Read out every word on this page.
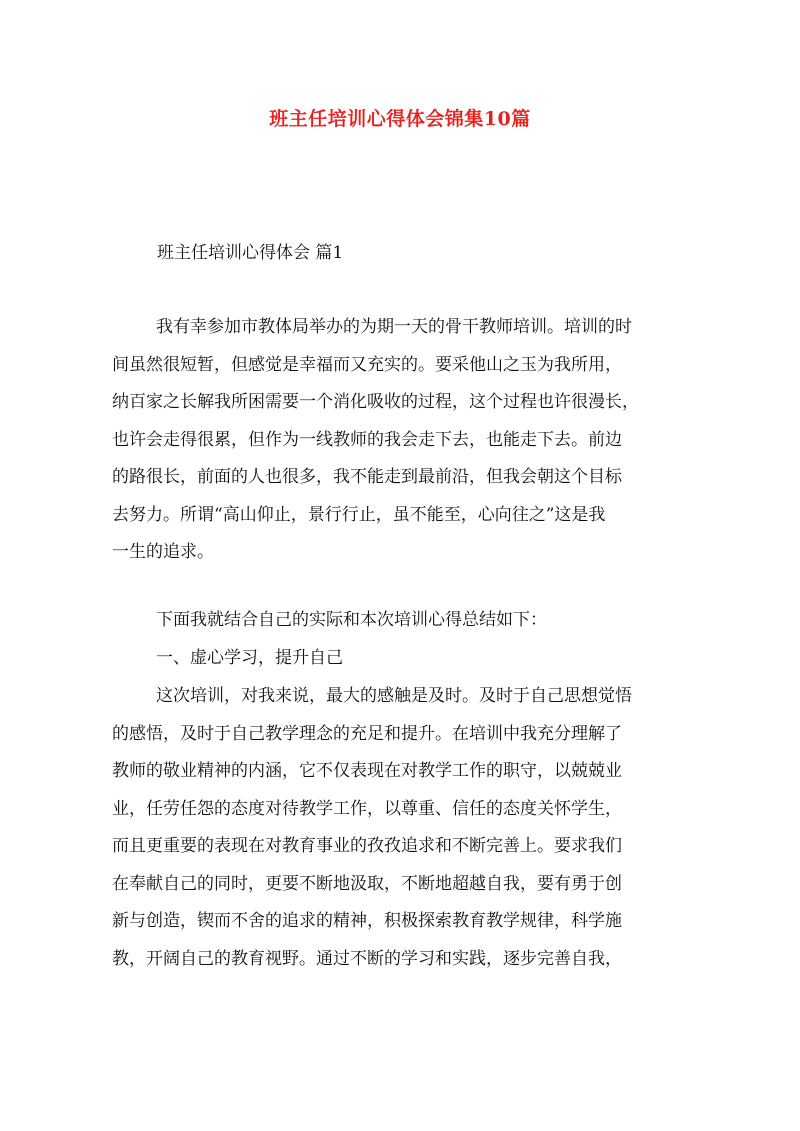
班主任培训心得体会锦集10篇
班主任培训心得体会 篇1
我有幸参加市教体局举办的为期一天的骨干教师培训。培训的时
间虽然很短暂，但感觉是幸福而又充实的。要采他山之玉为我所用，
纳百家之长解我所困需要一个消化吸收的过程，这个过程也许很漫长，
也许会走得很累，但作为一线教师的我会走下去，也能走下去。前边
的路很长，前面的人也很多，我不能走到最前沿，但我会朝这个目标
去努力。所谓“高山仰止，景行行止，虽不能至，心向往之”这是我
一生的追求。
下面我就结合自己的实际和本次培训心得总结如下：
一、虚心学习，提升自己
这次培训，对我来说，最大的感触是及时。及时于自己思想觉悟
的感悟，及时于自己教学理念的充足和提升。在培训中我充分理解了
教师的敬业精神的内涵，它不仅表现在对教学工作的职守，以兢兢业
业，任劳任怨的态度对待教学工作，以尊重、信任的态度关怀学生，
而且更重要的表现在对教育事业的孜孜追求和不断完善上。要求我们
在奉献自己的同时，更要不断地汲取，不断地超越自我，要有勇于创
新与创造，锲而不舍的追求的精神，积极探索教育教学规律，科学施
教，开阔自己的教育视野。通过不断的学习和实践，逐步完善自我，
